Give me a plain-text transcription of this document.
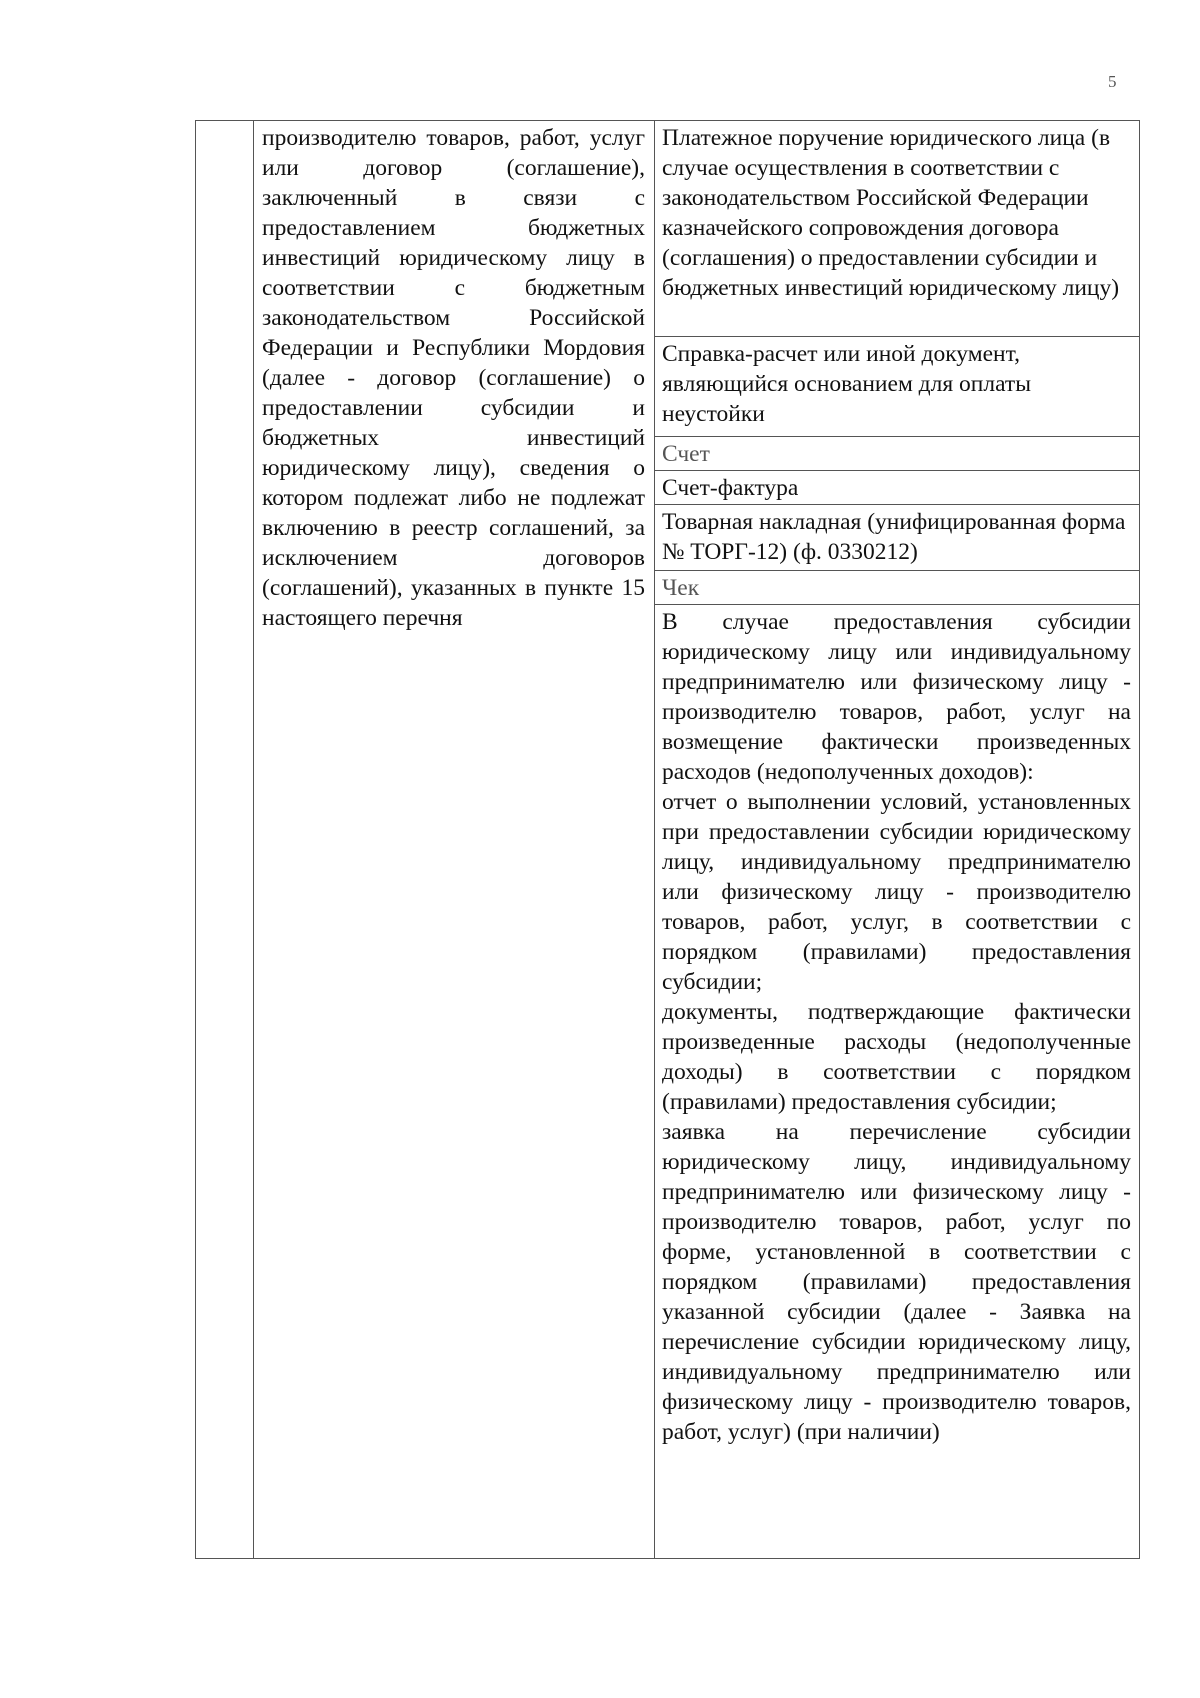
5
производителю товаров, работ, услуг или договор (соглашение), заключенный в связи с предоставлением бюджетных инвестиций юридическому лицу в соответствии с бюджетным законодательством Российской Федерации и Республики Мордовия (далее - договор (соглашение) о предоставлении субсидии и бюджетных инвестиций юридическому лицу), сведения о котором подлежат либо не подлежат включению в реестр соглашений, за исключением договоров (соглашений), указанных в пункте 15 настоящего перечня
Платежное поручение юридического лица (в случае осуществления в соответствии с законодательством Российской Федерации казначейского сопровождения договора (соглашения) о предоставлении субсидии и бюджетных инвестиций юридическому лицу)
Справка-расчет или иной документ, являющийся основанием для оплаты неустойки
Счет
Счет-фактура
Товарная накладная (унифицированная форма № ТОРГ-12) (ф. 0330212)
Чек
В случае предоставления субсидии юридическому лицу или индивидуальному предпринимателю или физическому лицу - производителю товаров, работ, услуг на возмещение фактически произведенных расходов (недополученных доходов):
отчет о выполнении условий, установленных при предоставлении субсидии юридическому лицу, индивидуальному предпринимателю или физическому лицу - производителю товаров, работ, услуг, в соответствии с порядком (правилами) предоставления субсидии;
документы, подтверждающие фактически произведенные расходы (недополученные доходы) в соответствии с порядком (правилами) предоставления субсидии;
заявка на перечисление субсидии юридическому лицу, индивидуальному предпринимателю или физическому лицу - производителю товаров, работ, услуг по форме, установленной в соответствии с порядком (правилами) предоставления указанной субсидии (далее - Заявка на перечисление субсидии юридическому лицу, индивидуальному предпринимателю или физическому лицу - производителю товаров, работ, услуг) (при наличии)
